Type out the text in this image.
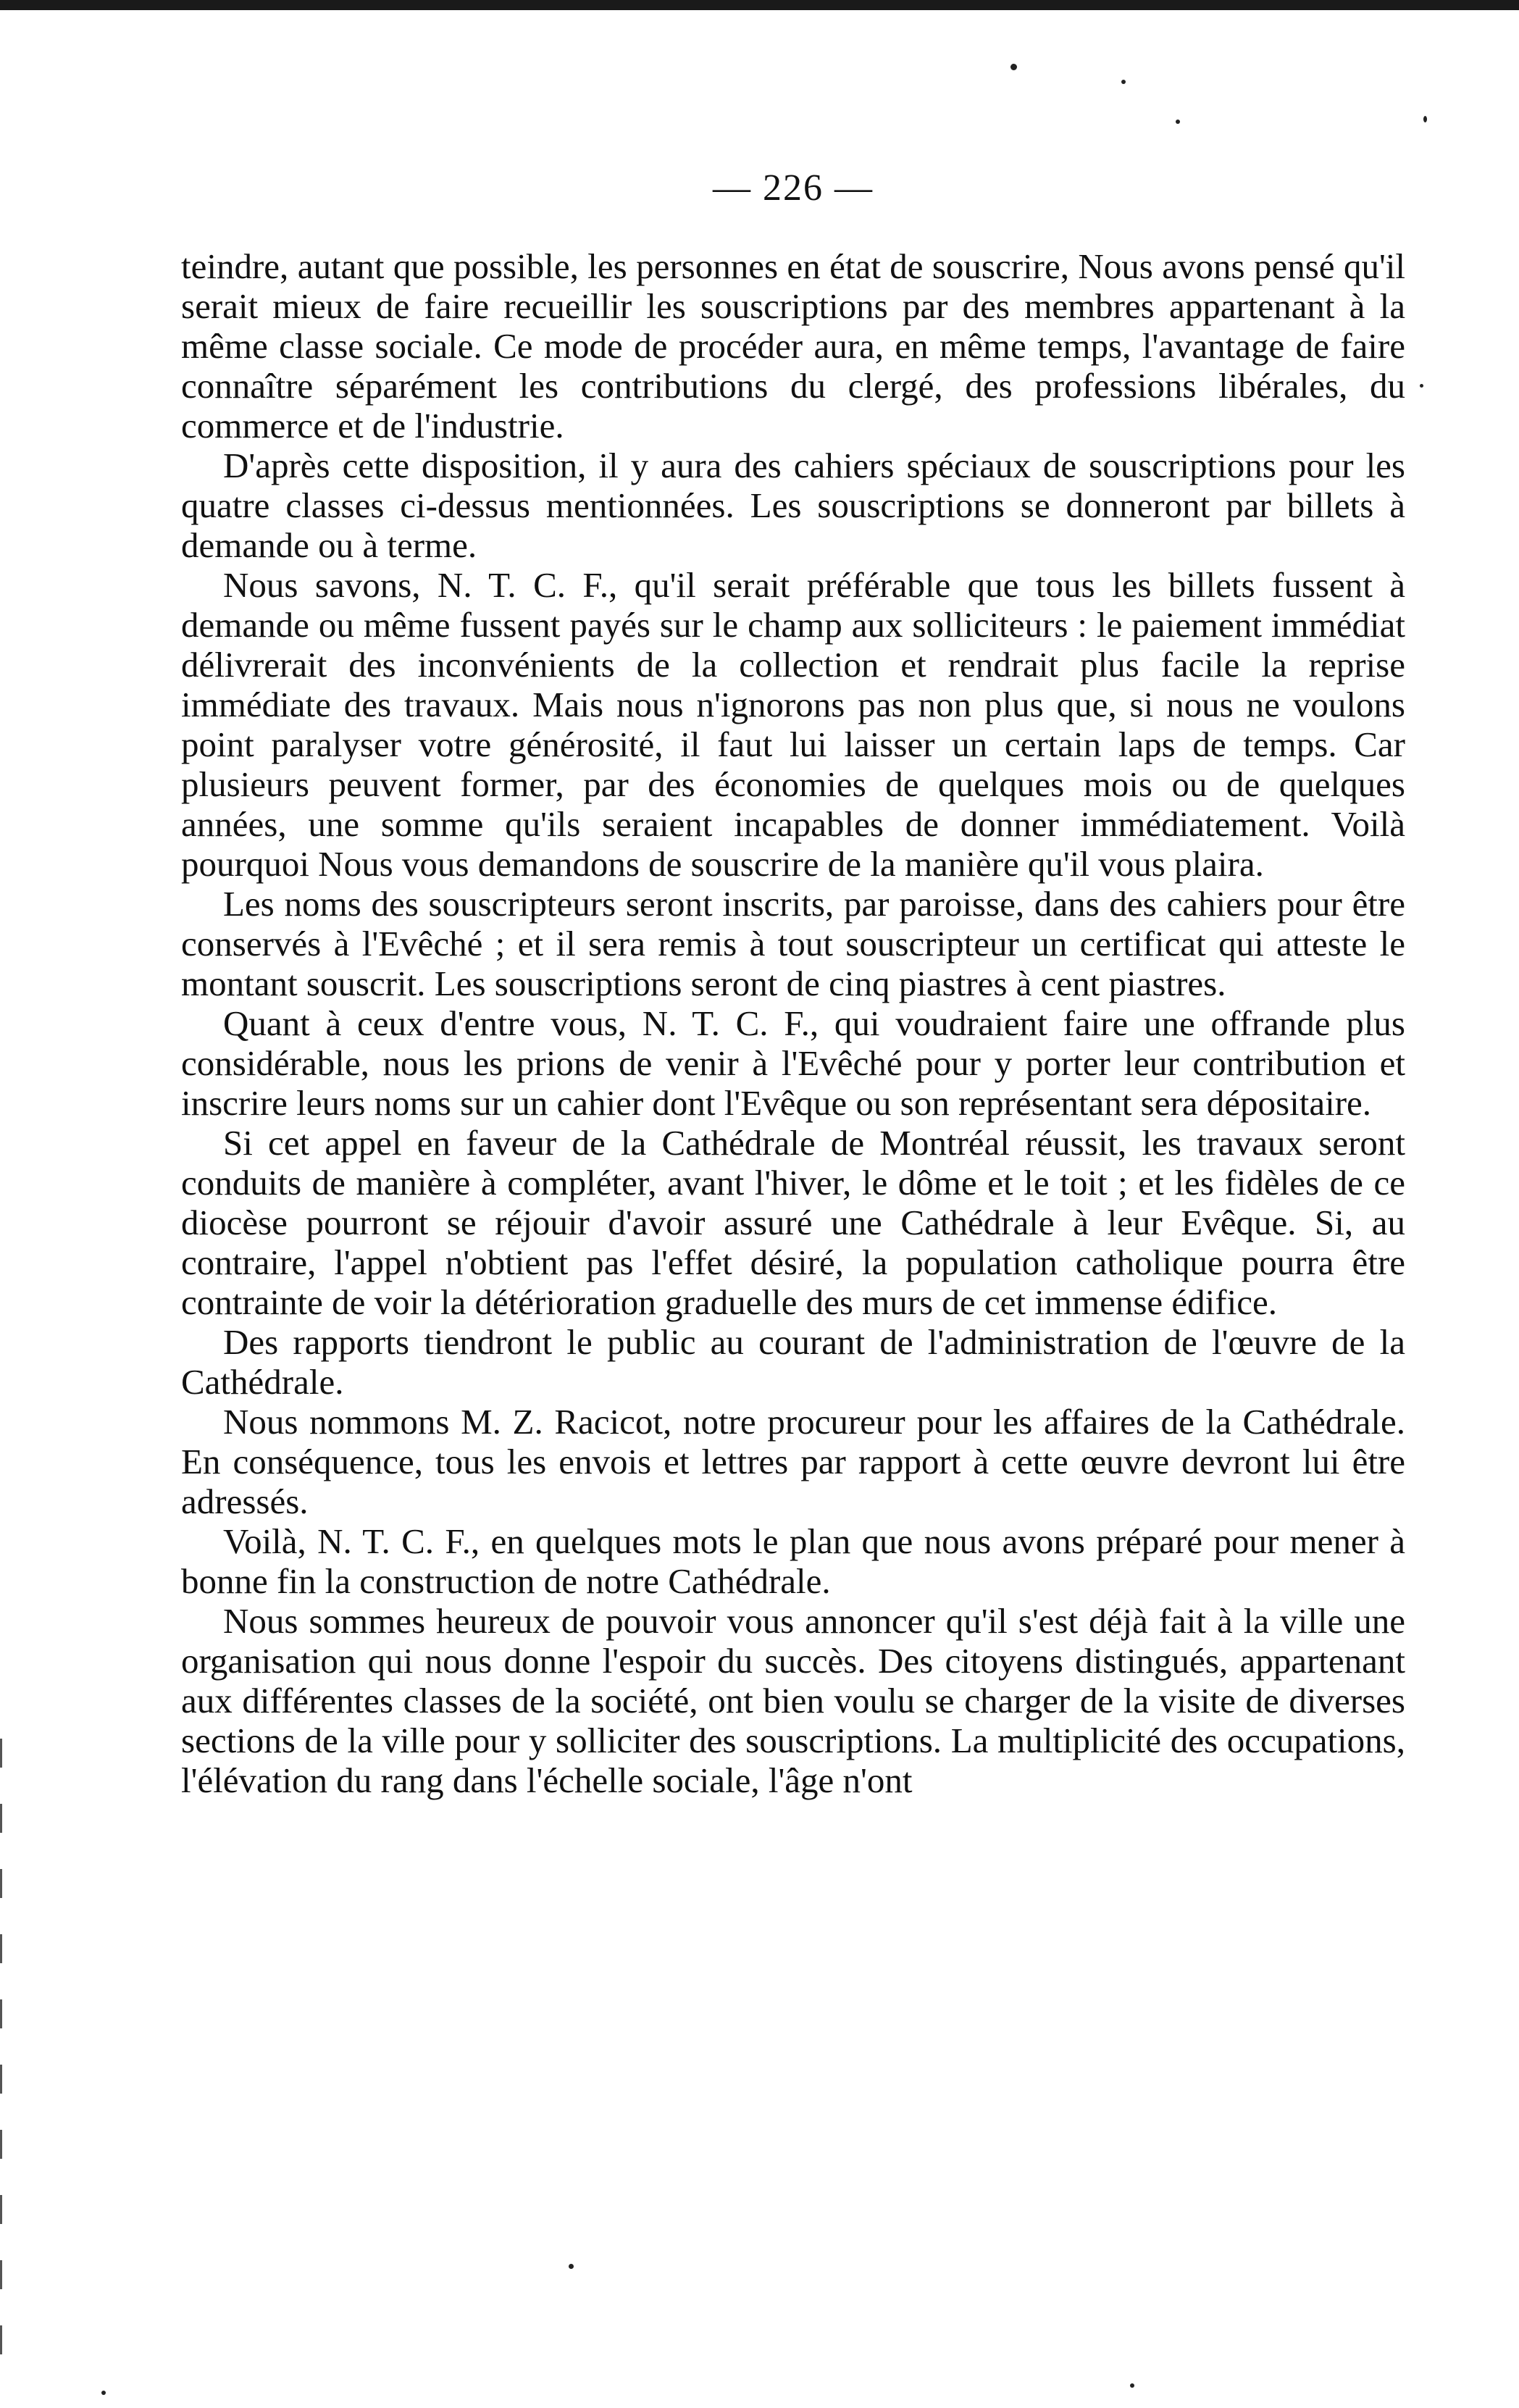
— 226 —

teindre, autant que possible, les personnes en état de souscrire, Nous avons pensé qu'il serait mieux de faire recueillir les souscriptions par des membres appartenant à la même classe sociale. Ce mode de procéder aura, en même temps, l'avantage de faire connaître séparément les contributions du clergé, des professions libérales, du commerce et de l'industrie.

D'après cette disposition, il y aura des cahiers spéciaux de souscriptions pour les quatre classes ci-dessus mentionnées. Les souscriptions se donneront par billets à demande ou à terme.

Nous savons, N. T. C. F., qu'il serait préférable que tous les billets fussent à demande ou même fussent payés sur le champ aux solliciteurs : le paiement immédiat délivrerait des inconvénients de la collection et rendrait plus facile la reprise immédiate des travaux. Mais nous n'ignorons pas non plus que, si nous ne voulons point paralyser votre générosité, il faut lui laisser un certain laps de temps. Car plusieurs peuvent former, par des économies de quelques mois ou de quelques années, une somme qu'ils seraient incapables de donner immédiatement. Voilà pourquoi Nous vous demandons de souscrire de la manière qu'il vous plaira.

Les noms des souscripteurs seront inscrits, par paroisse, dans des cahiers pour être conservés à l'Evêché ; et il sera remis à tout souscripteur un certificat qui atteste le montant souscrit. Les souscriptions seront de cinq piastres à cent piastres.

Quant à ceux d'entre vous, N. T. C. F., qui voudraient faire une offrande plus considérable, nous les prions de venir à l'Evêché pour y porter leur contribution et inscrire leurs noms sur un cahier dont l'Evêque ou son représentant sera dépositaire.

Si cet appel en faveur de la Cathédrale de Montréal réussit, les travaux seront conduits de manière à compléter, avant l'hiver, le dôme et le toit ; et les fidèles de ce diocèse pourront se réjouir d'avoir assuré une Cathédrale à leur Evêque. Si, au contraire, l'appel n'obtient pas l'effet désiré, la population catholique pourra être contrainte de voir la détérioration graduelle des murs de cet immense édifice.

Des rapports tiendront le public au courant de l'administration de l'œuvre de la Cathédrale.

Nous nommons M. Z. Racicot, notre procureur pour les affaires de la Cathédrale. En conséquence, tous les envois et lettres par rapport à cette œuvre devront lui être adressés.

Voilà, N. T. C. F., en quelques mots le plan que nous avons préparé pour mener à bonne fin la construction de notre Cathédrale.

Nous sommes heureux de pouvoir vous annoncer qu'il s'est déjà fait à la ville une organisation qui nous donne l'espoir du succès. Des citoyens distingués, appartenant aux différentes classes de la société, ont bien voulu se charger de la visite de diverses sections de la ville pour y solliciter des souscriptions. La multiplicité des occupations, l'élévation du rang dans l'échelle sociale, l'âge n'ont
